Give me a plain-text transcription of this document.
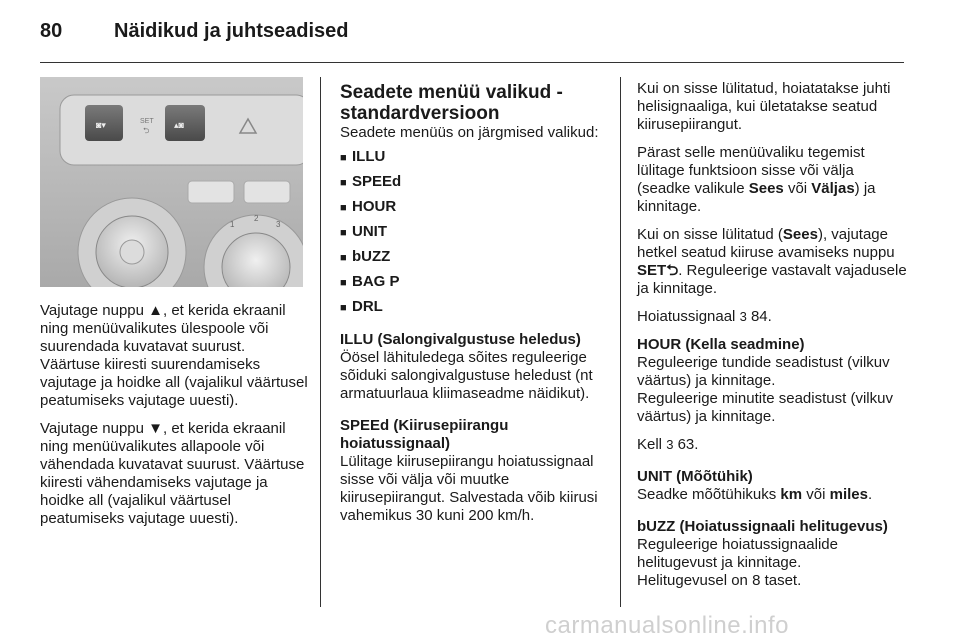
80	Näidikud ja juhtseadised
◙▾	▴◙
SET
⮌
1
2
3

Vajutage nuppu ▲, et kerida ekraanil ning menüüvalikutes ülespoole või suurendada kuvatavat suurust. Väärtuse kiiresti suurendamiseks vajutage ja hoidke all (vajalikul väärtusel peatumiseks vajutage uuesti).

Vajutage nuppu ▼, et kerida ekraanil ning menüüvalikutes allapoole või vähendada kuvatavat suurust. Väärtuse kiiresti vähendamiseks vajutage ja hoidke all (vajalikul väärtusel peatumiseks vajutage uuesti).

Seadete menüü valikud - standardversioon
Seadete menüüs on järgmised valikud:
■ ILLU
■ SPEEd
■ HOUR
■ UNIT
■ bUZZ
■ BAG P
■ DRL
ILLU (Salongivalgustuse heledus)
Öösel lähituledega sõites reguleerige sõiduki salongivalgustuse heledust (nt armatuurlaua kliimaseadme näidikut).
SPEEd (Kiirusepiirangu hoiatussignaal)
Lülitage kiirusepiirangu hoiatussignaal sisse või välja või muutke kiirusepiirangut. Salvestada võib kiirusi vahemikus 30 kuni 200 km/h.

Kui on sisse lülitatud, hoiatatakse juhti helisignaaliga, kui ületatakse seatud kiirusepiirangut.

Pärast selle menüüvaliku tegemist lülitage funktsioon sisse või välja (seadke valikule Sees või Väljas) ja kinnitage.

Kui on sisse lülitatud (Sees), vajutage hetkel seatud kiiruse avamiseks nuppu SET⮌. Reguleerige vastavalt vajadusele ja kinnitage.

Hoiatussignaal 3 84.

HOUR (Kella seadmine)
Reguleerige tundide seadistust (vilkuv väärtus) ja kinnitage.
Reguleerige minutite seadistust (vilkuv väärtus) ja kinnitage.
Kell 3 63.
UNIT (Mõõtühik)
Seadke mõõtühikuks km või miles.
bUZZ (Hoiatussignaali helitugevus)
Reguleerige hoiatussignaalide helitugevust ja kinnitage.
Helitugevusel on 8 taset.
carmanualsonline.info
